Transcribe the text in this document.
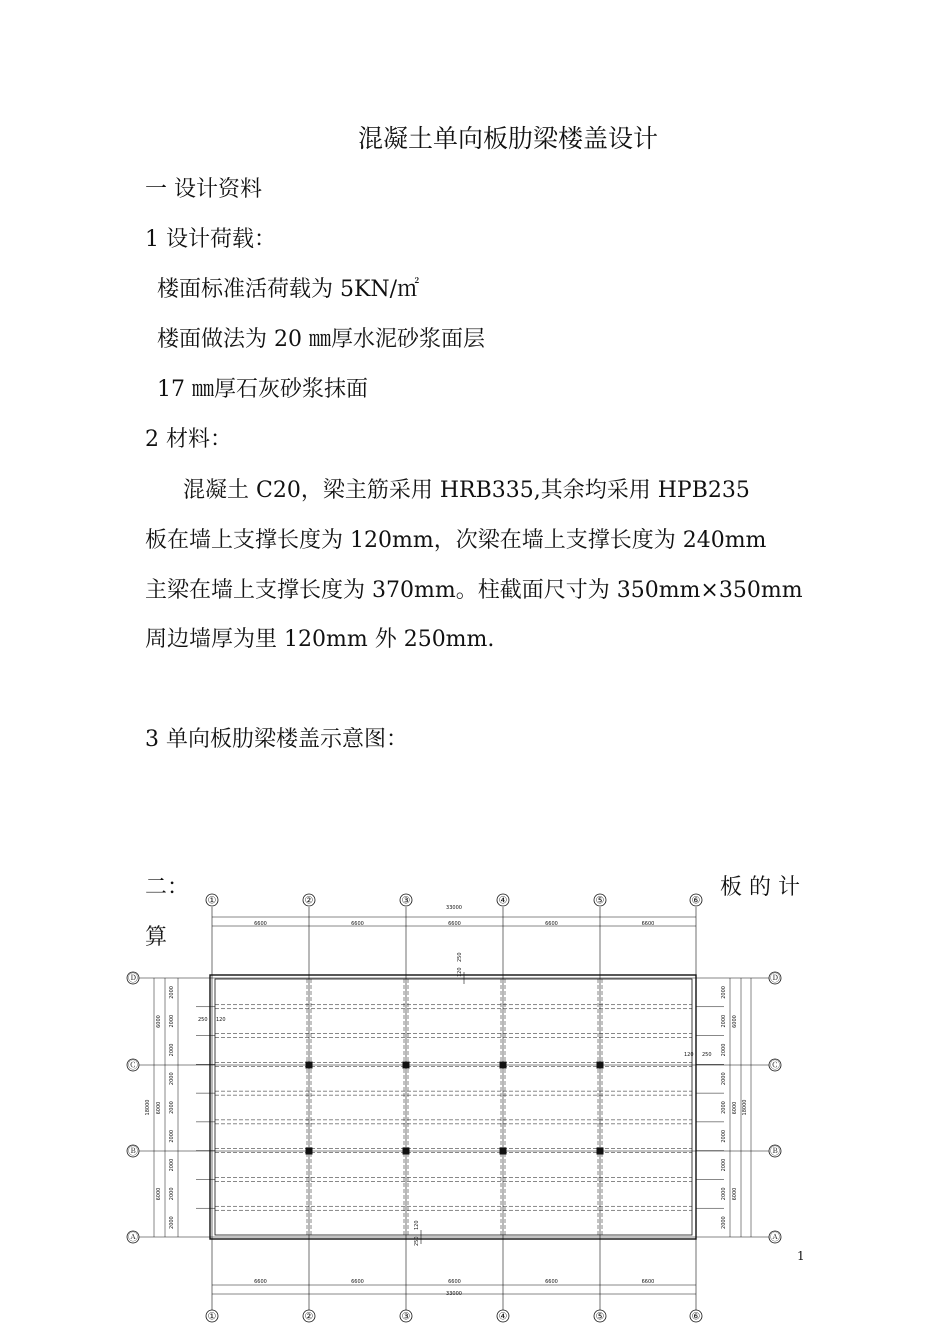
混凝土单向板肋梁楼盖设计
一 设计资料
1 设计荷载：
楼面标准活荷载为 5KN/㎡
楼面做法为 20 ㎜厚水泥砂浆面层
17 ㎜厚石灰砂浆抹面
2 材料：
混凝土 C20，梁主筋采用 HRB335,其余均采用 HPB235
板在墙上支撑长度为 120mm，次梁在墙上支撑长度为 240mm
主梁在墙上支撑长度为 370mm。柱截面尺寸为 350mm×350mm
周边墙厚为里 120mm 外 250mm.
3 单向板肋梁楼盖示意图：
二：	板 的 计
算
①
①
②
②
③
③
④
④
⑤
⑤
⑥
⑥
Ⓓ	Ⓓ
Ⓒ	Ⓒ
Ⓑ	Ⓑ
Ⓐ	Ⓐ
6600	6600	6600	6600	6600
33000
6600	6600	6600	6600	6600
33000
2000
2000
2000
2000
2000
2000
2000
2000
2000
6000
6000
6000
18000
2000
2000
2000
2000
2000
2000
2000
2000
2000
6000
6000
6000
18000
250 120
120 250
120
250
120
250
1
